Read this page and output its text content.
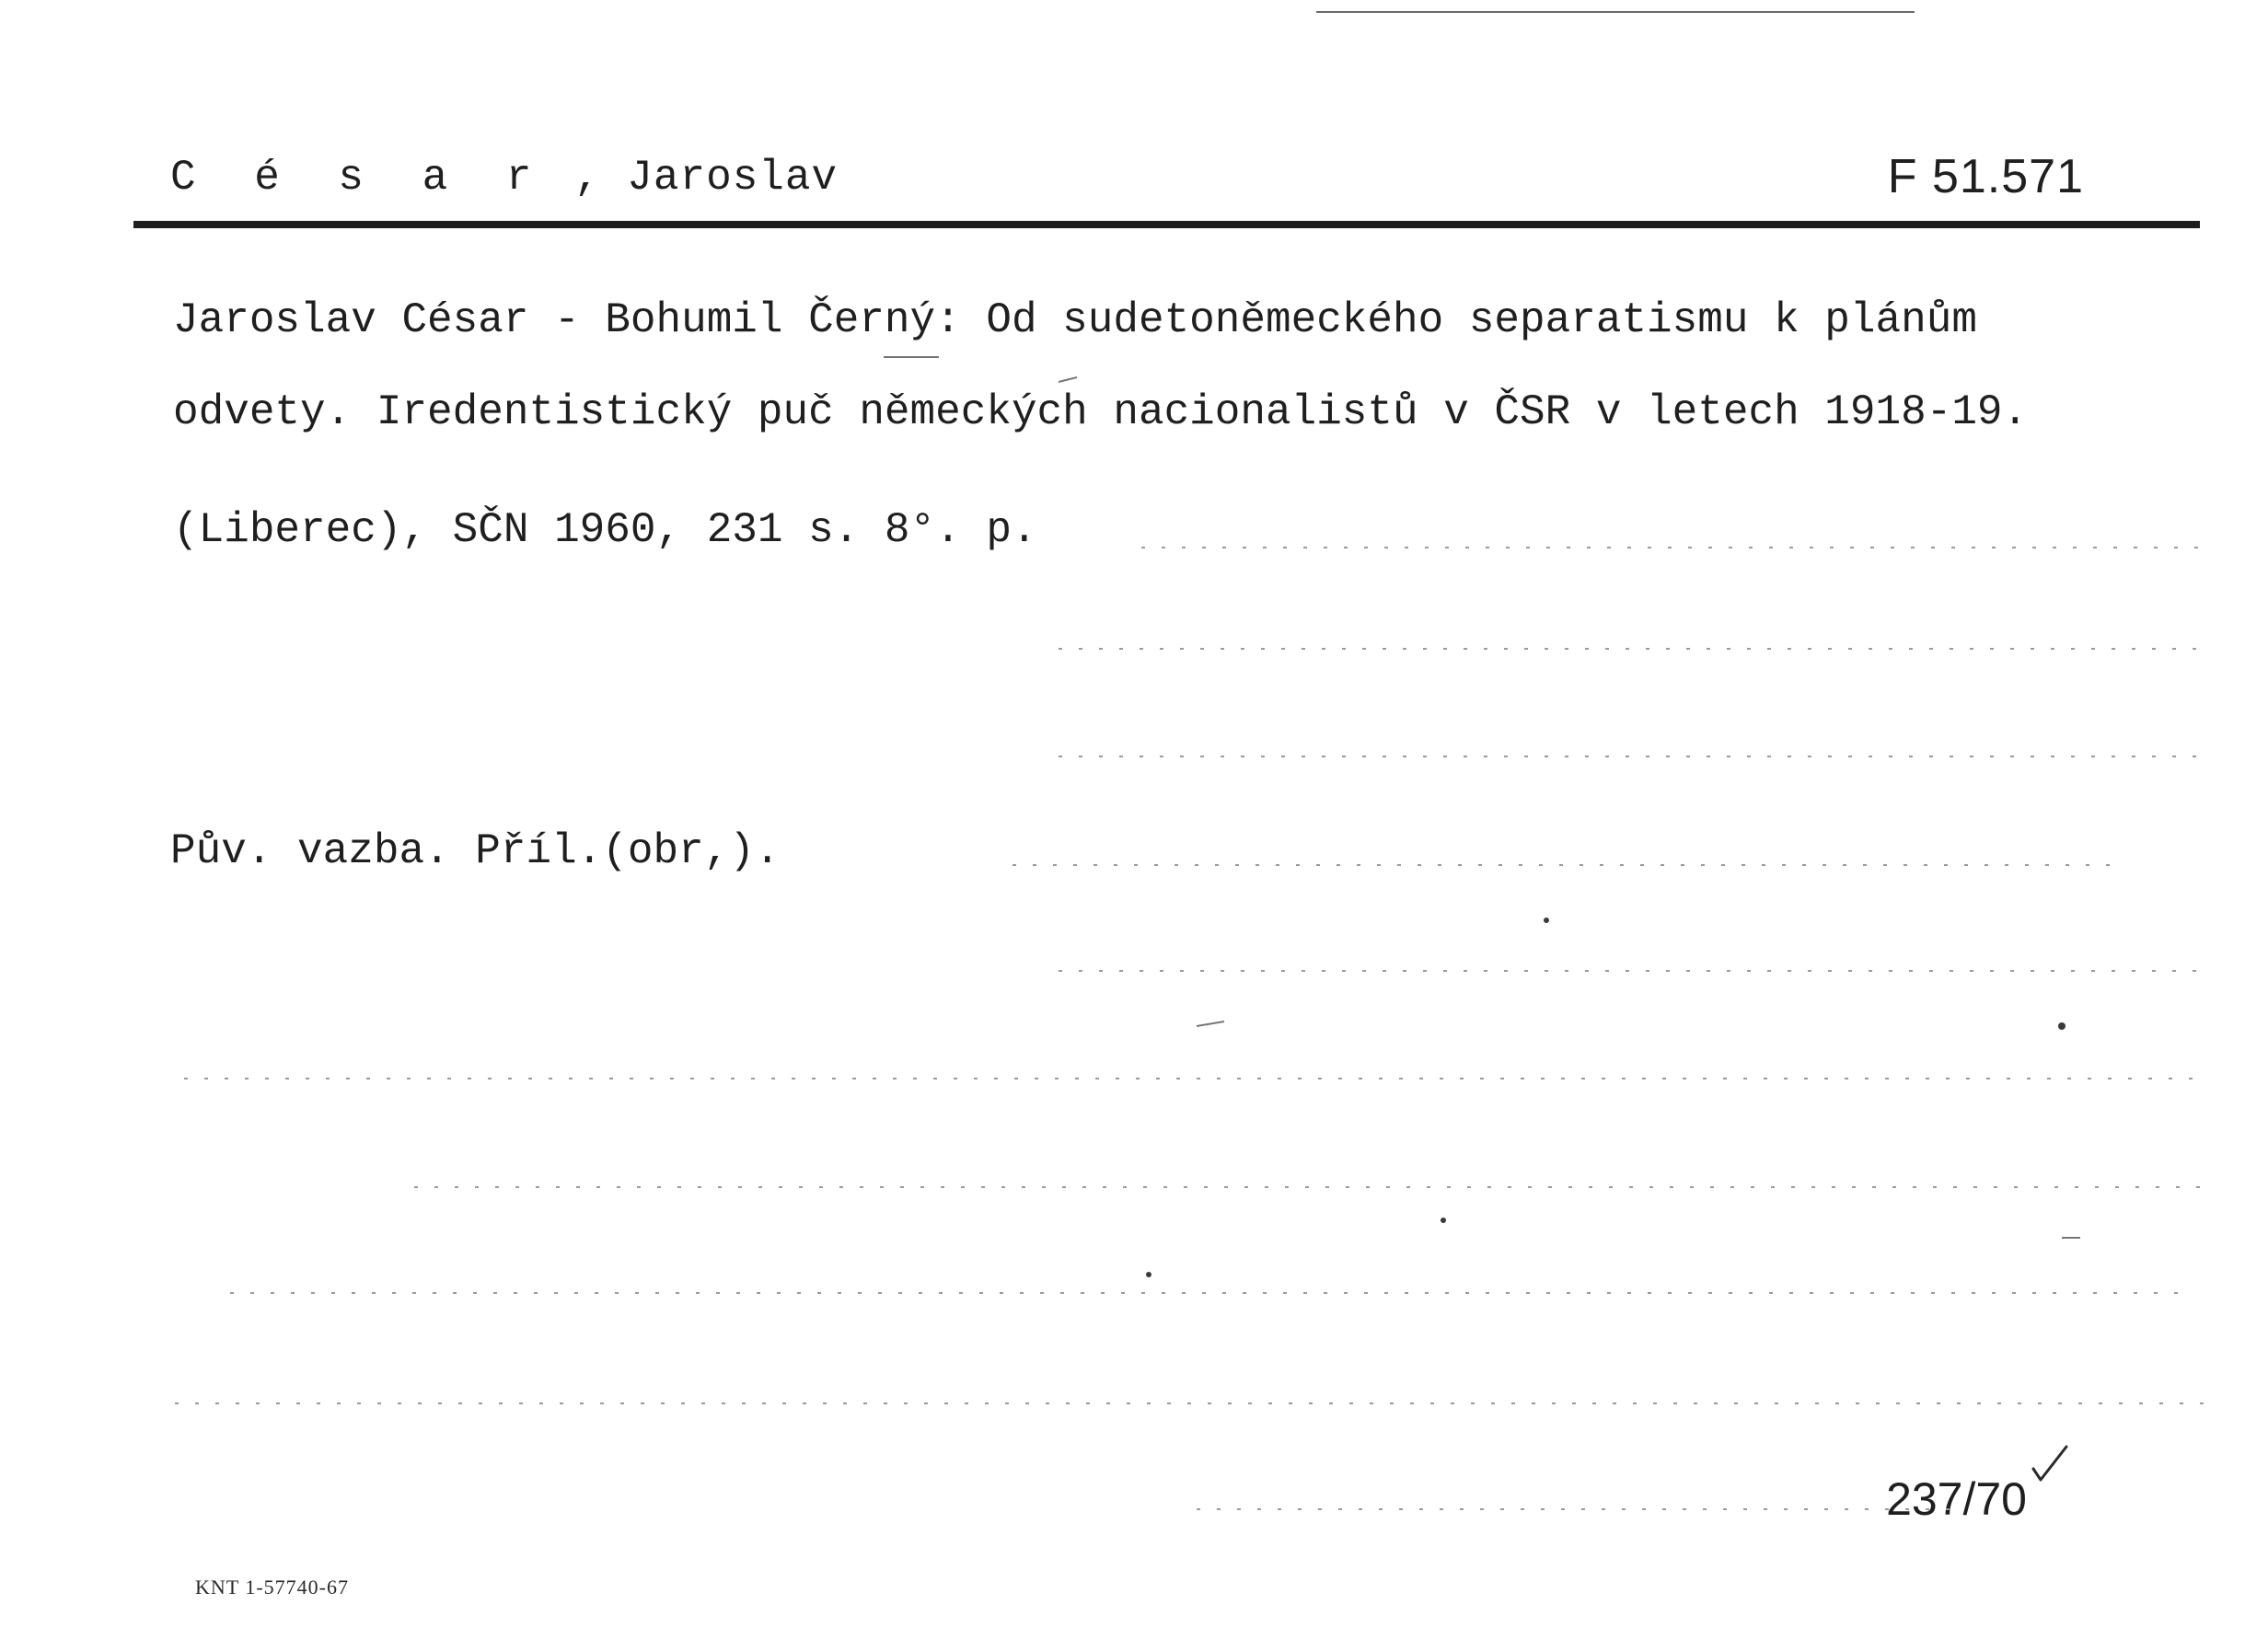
C é s a r , Jaroslav	F 51.571
Jaroslav César - Bohumil Černý: Od sudetoněmeckého separatismu k plánům
odvety. Iredentistický puč německých nacionalistů v ČSR v letech 1918-19.
(Liberec), SČN 1960, 231 s. 8°. p.
Pův. vazba. Příl.(obr,).
237/70
KNT 1-57740-67
